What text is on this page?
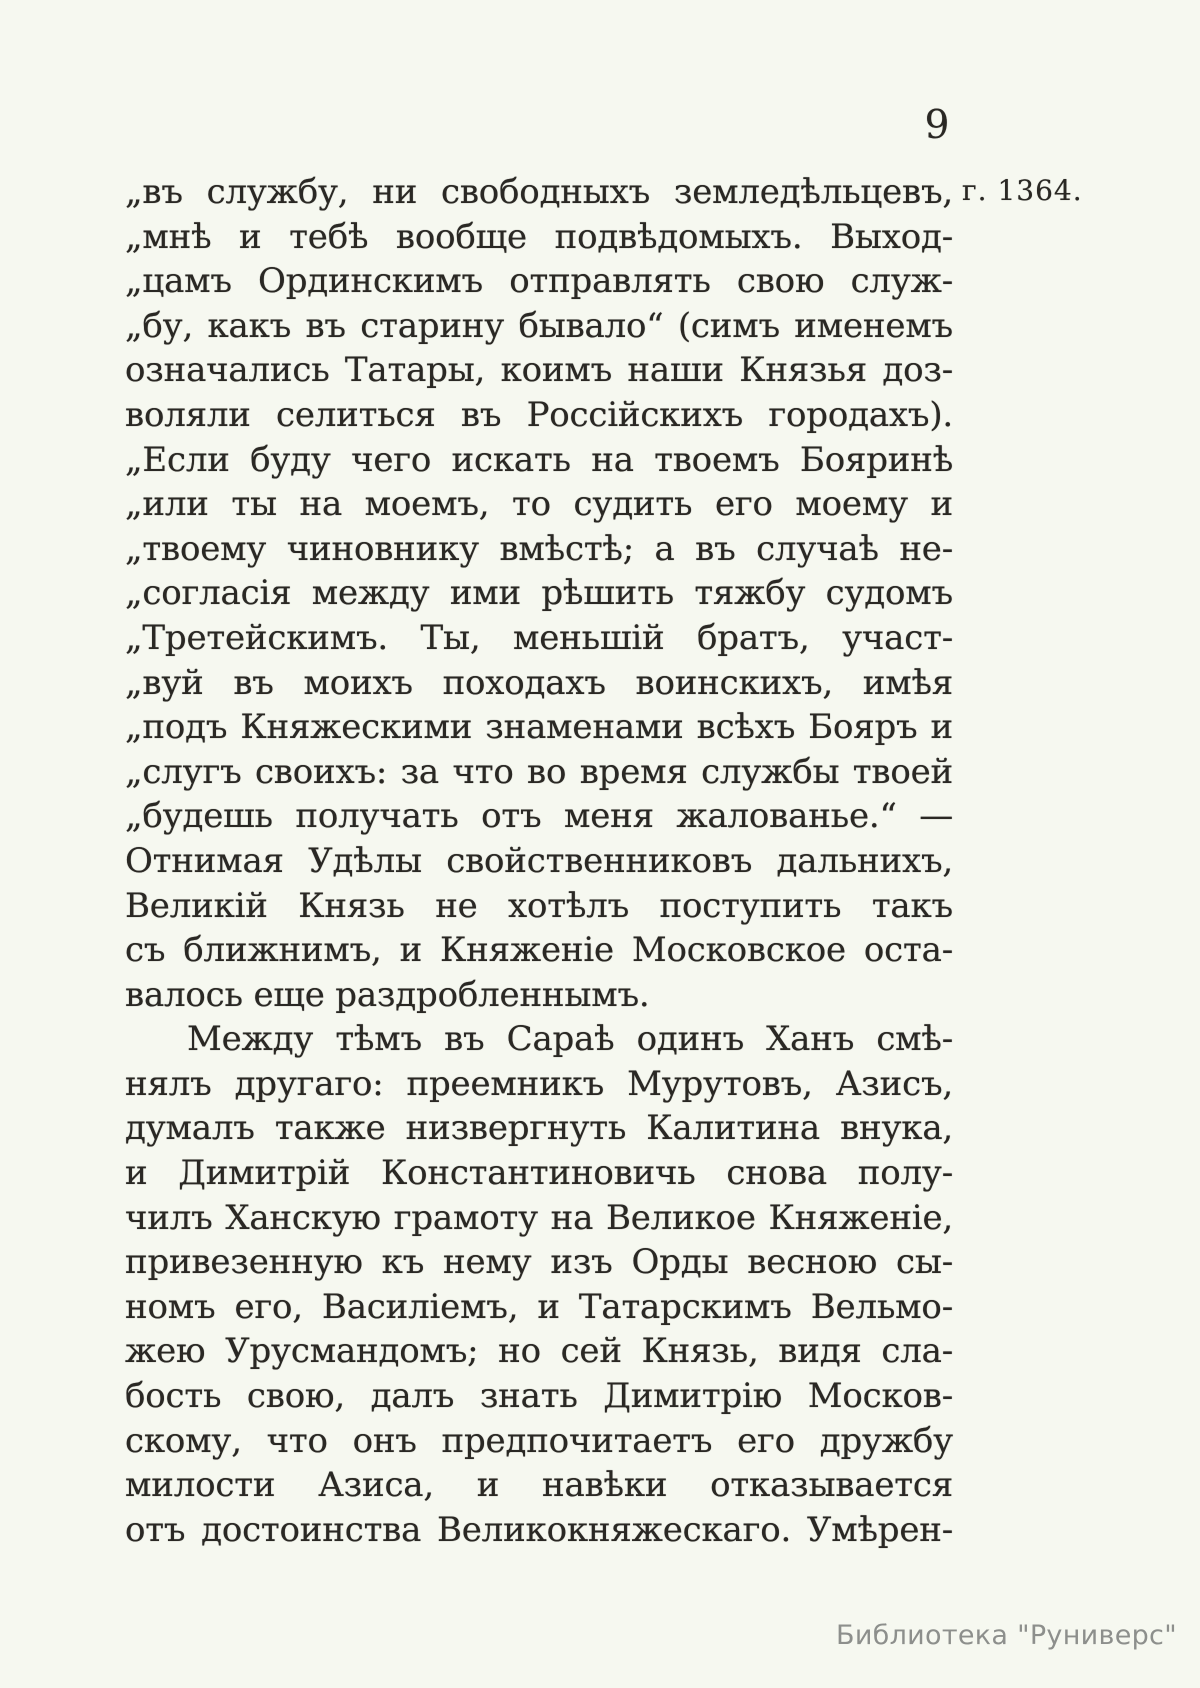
9
г. 1364.
„въ службу, ни свободныхъ земледѣльцевъ,
„мнѣ и тебѣ вообще подвѣдомыхъ. Выход-
„цамъ Ординскимъ отправлять свою служ-
„бу, какъ въ старину бывало“ (симъ именемъ
означались Татары, коимъ наши Князья доз-
воляли селиться въ Россійскихъ городахъ).
„Если буду чего искать на твоемъ Бояринѣ
„или ты на моемъ, то судить его моему и
„твоему чиновнику вмѣстѣ; а въ случаѣ не-
„согласія между ими рѣшить тяжбу судомъ
„Третейскимъ. Ты, меньшій братъ, участ-
„вуй въ моихъ походахъ воинскихъ, имѣя
„подъ Княжескими знаменами всѣхъ Бояръ и
„слугъ своихъ: за что во время службы твоей
„будешь получать отъ меня жалованье.“ —
Отнимая Удѣлы свойственниковъ дальнихъ,
Великій Князь не хотѣлъ поступить такъ
съ ближнимъ, и Княженіе Московское оста-
валось еще раздробленнымъ.
Между тѣмъ въ Сараѣ одинъ Ханъ смѣ-
нялъ другаго: преемникъ Мурутовъ, Азисъ,
думалъ также низвергнуть Калитина внука,
и Димитрій Константиновичь снова полу-
чилъ Ханскую грамоту на Великое Княженіе,
привезенную къ нему изъ Орды весною сы-
номъ его, Василіемъ, и Татарскимъ Вельмо-
жею Урусмандомъ; но сей Князь, видя сла-
бость свою, далъ знать Димитрію Москов-
скому, что онъ предпочитаетъ его дружбу
милости Азиса, и навѣки отказывается
отъ достоинства Великокняжескаго. Умѣрен-
Библиотека "Руниверс"
